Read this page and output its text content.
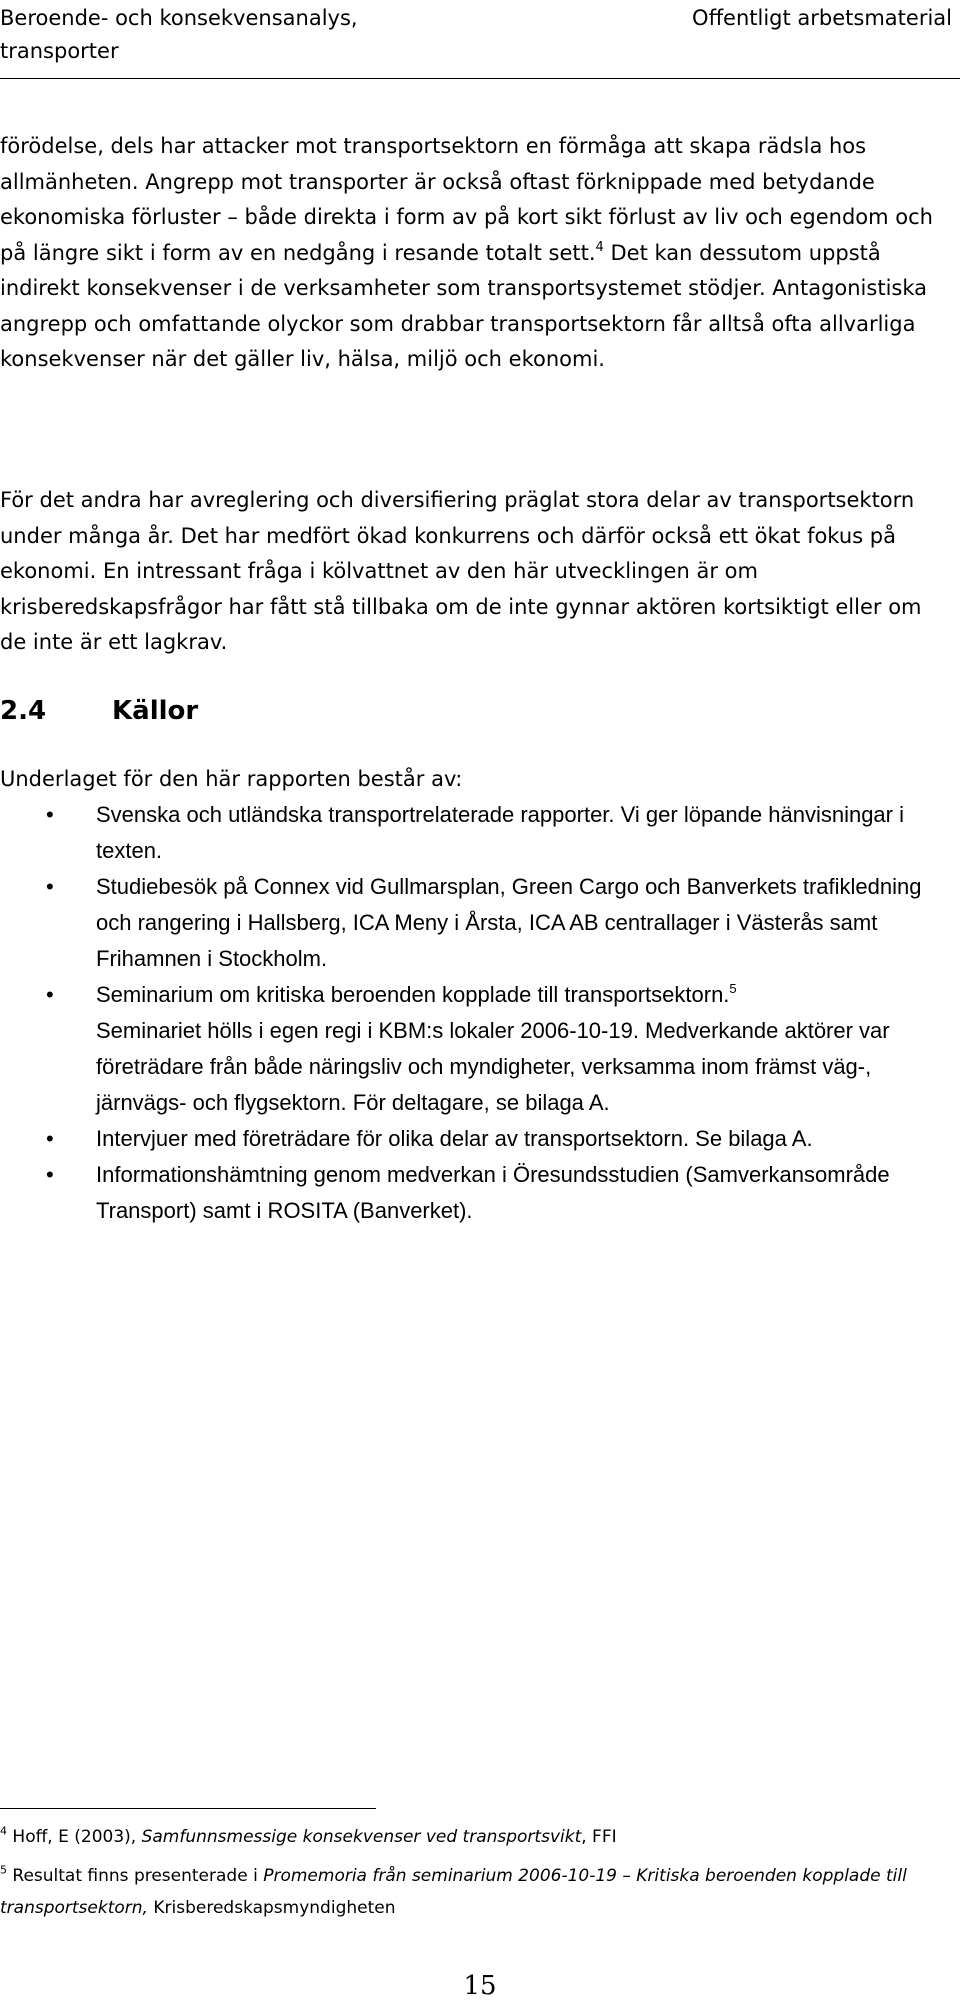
Beroende- och konsekvensanalys,
transporter
Offentligt arbetsmaterial

förödelse, dels har attacker mot transportsektorn en förmåga att skapa rädsla hos allmänheten. Angrepp mot transporter är också oftast förknippade med betydande ekonomiska förluster – både direkta i form av på kort sikt förlust av liv och egendom och på längre sikt i form av en nedgång i resande totalt sett.$^4$ Det kan dessutom uppstå indirekt konsekvenser i de verksamheter som transportsystemet stödjer. Antagonistiska angrepp och omfattande olyckor som drabbar transportsektorn får alltså ofta allvarliga konsekvenser när det gäller liv, hälsa, miljö och ekonomi.

För det andra har avreglering och diversifiering präglat stora delar av transportsektorn under många år. Det har medfört ökad konkurrens och därför också ett ökat fokus på ekonomi. En intressant fråga i kölvattnet av den här utvecklingen är om krisberedskapsfrågor har fått stå tillbaka om de inte gynnar aktören kortsiktigt eller om de inte är ett lagkrav.

2.4	Källor

Underlaget för den här rapporten består av:

• Svenska och utländska transportrelaterade rapporter. Vi ger löpande hänvisningar i texten.
• Studiebesök på Connex vid Gullmarsplan, Green Cargo och Banverkets trafikledning och rangering i Hallsberg, ICA Meny i Årsta, ICA AB centrallager i Västerås samt Frihamnen i Stockholm.
• Seminarium om kritiska beroenden kopplade till transportsektorn.$^5$
Seminariet hölls i egen regi i KBM:s lokaler 2006-10-19. Medverkande aktörer var företrädare från både näringsliv och myndigheter, verksamma inom främst väg-, järnvägs- och flygsektorn. För deltagare, se bilaga A.
• Intervjuer med företrädare för olika delar av transportsektorn. Se bilaga A.
• Informationshämtning genom medverkan i Öresundsstudien (Samverkansområde Transport) samt i ROSITA (Banverket).

$^4$ Hoff, E (2003), Samfunnsmessige konsekvenser ved transportsvikt, FFI

$^5$ Resultat finns presenterade i Promemoria från seminarium 2006-10-19 – Kritiska beroenden kopplade till transportsektorn, Krisberedskapsmyndigheten

15
